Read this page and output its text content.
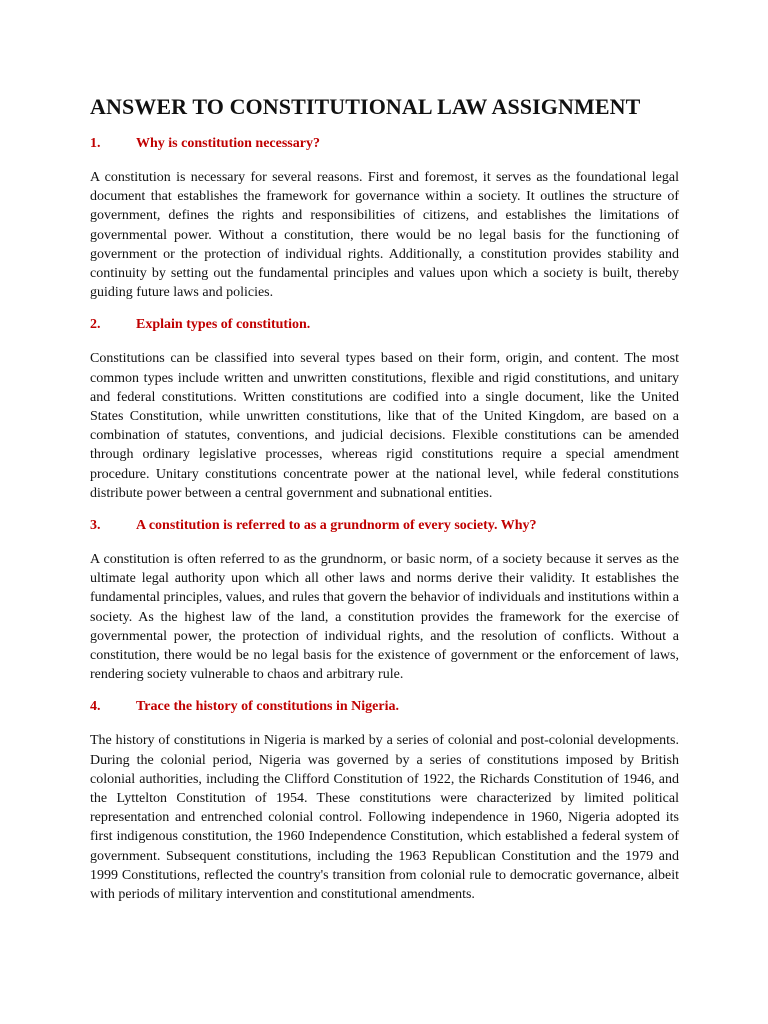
ANSWER TO CONSTITUTIONAL LAW ASSIGNMENT
1.	Why is constitution necessary?

A constitution is necessary for several reasons. First and foremost, it serves as the foundational legal document that establishes the framework for governance within a society. It outlines the structure of government, defines the rights and responsibilities of citizens, and establishes the limitations of governmental power. Without a constitution, there would be no legal basis for the functioning of government or the protection of individual rights. Additionally, a constitution provides stability and continuity by setting out the fundamental principles and values upon which a society is built, thereby guiding future laws and policies.

2.	Explain types of constitution.

Constitutions can be classified into several types based on their form, origin, and content. The most common types include written and unwritten constitutions, flexible and rigid constitutions, and unitary and federal constitutions. Written constitutions are codified into a single document, like the United States Constitution, while unwritten constitutions, like that of the United Kingdom, are based on a combination of statutes, conventions, and judicial decisions. Flexible constitutions can be amended through ordinary legislative processes, whereas rigid constitutions require a special amendment procedure. Unitary constitutions concentrate power at the national level, while federal constitutions distribute power between a central government and subnational entities.

3.	A constitution is referred to as a grundnorm of every society. Why?

A constitution is often referred to as the grundnorm, or basic norm, of a society because it serves as the ultimate legal authority upon which all other laws and norms derive their validity. It establishes the fundamental principles, values, and rules that govern the behavior of individuals and institutions within a society. As the highest law of the land, a constitution provides the framework for the exercise of governmental power, the protection of individual rights, and the resolution of conflicts. Without a constitution, there would be no legal basis for the existence of government or the enforcement of laws, rendering society vulnerable to chaos and arbitrary rule.

4.	Trace the history of constitutions in Nigeria.

The history of constitutions in Nigeria is marked by a series of colonial and post-colonial developments. During the colonial period, Nigeria was governed by a series of constitutions imposed by British colonial authorities, including the Clifford Constitution of 1922, the Richards Constitution of 1946, and the Lyttelton Constitution of 1954. These constitutions were characterized by limited political representation and entrenched colonial control. Following independence in 1960, Nigeria adopted its first indigenous constitution, the 1960 Independence Constitution, which established a federal system of government. Subsequent constitutions, including the 1963 Republican Constitution and the 1979 and 1999 Constitutions, reflected the country's transition from colonial rule to democratic governance, albeit with periods of military intervention and constitutional amendments.
